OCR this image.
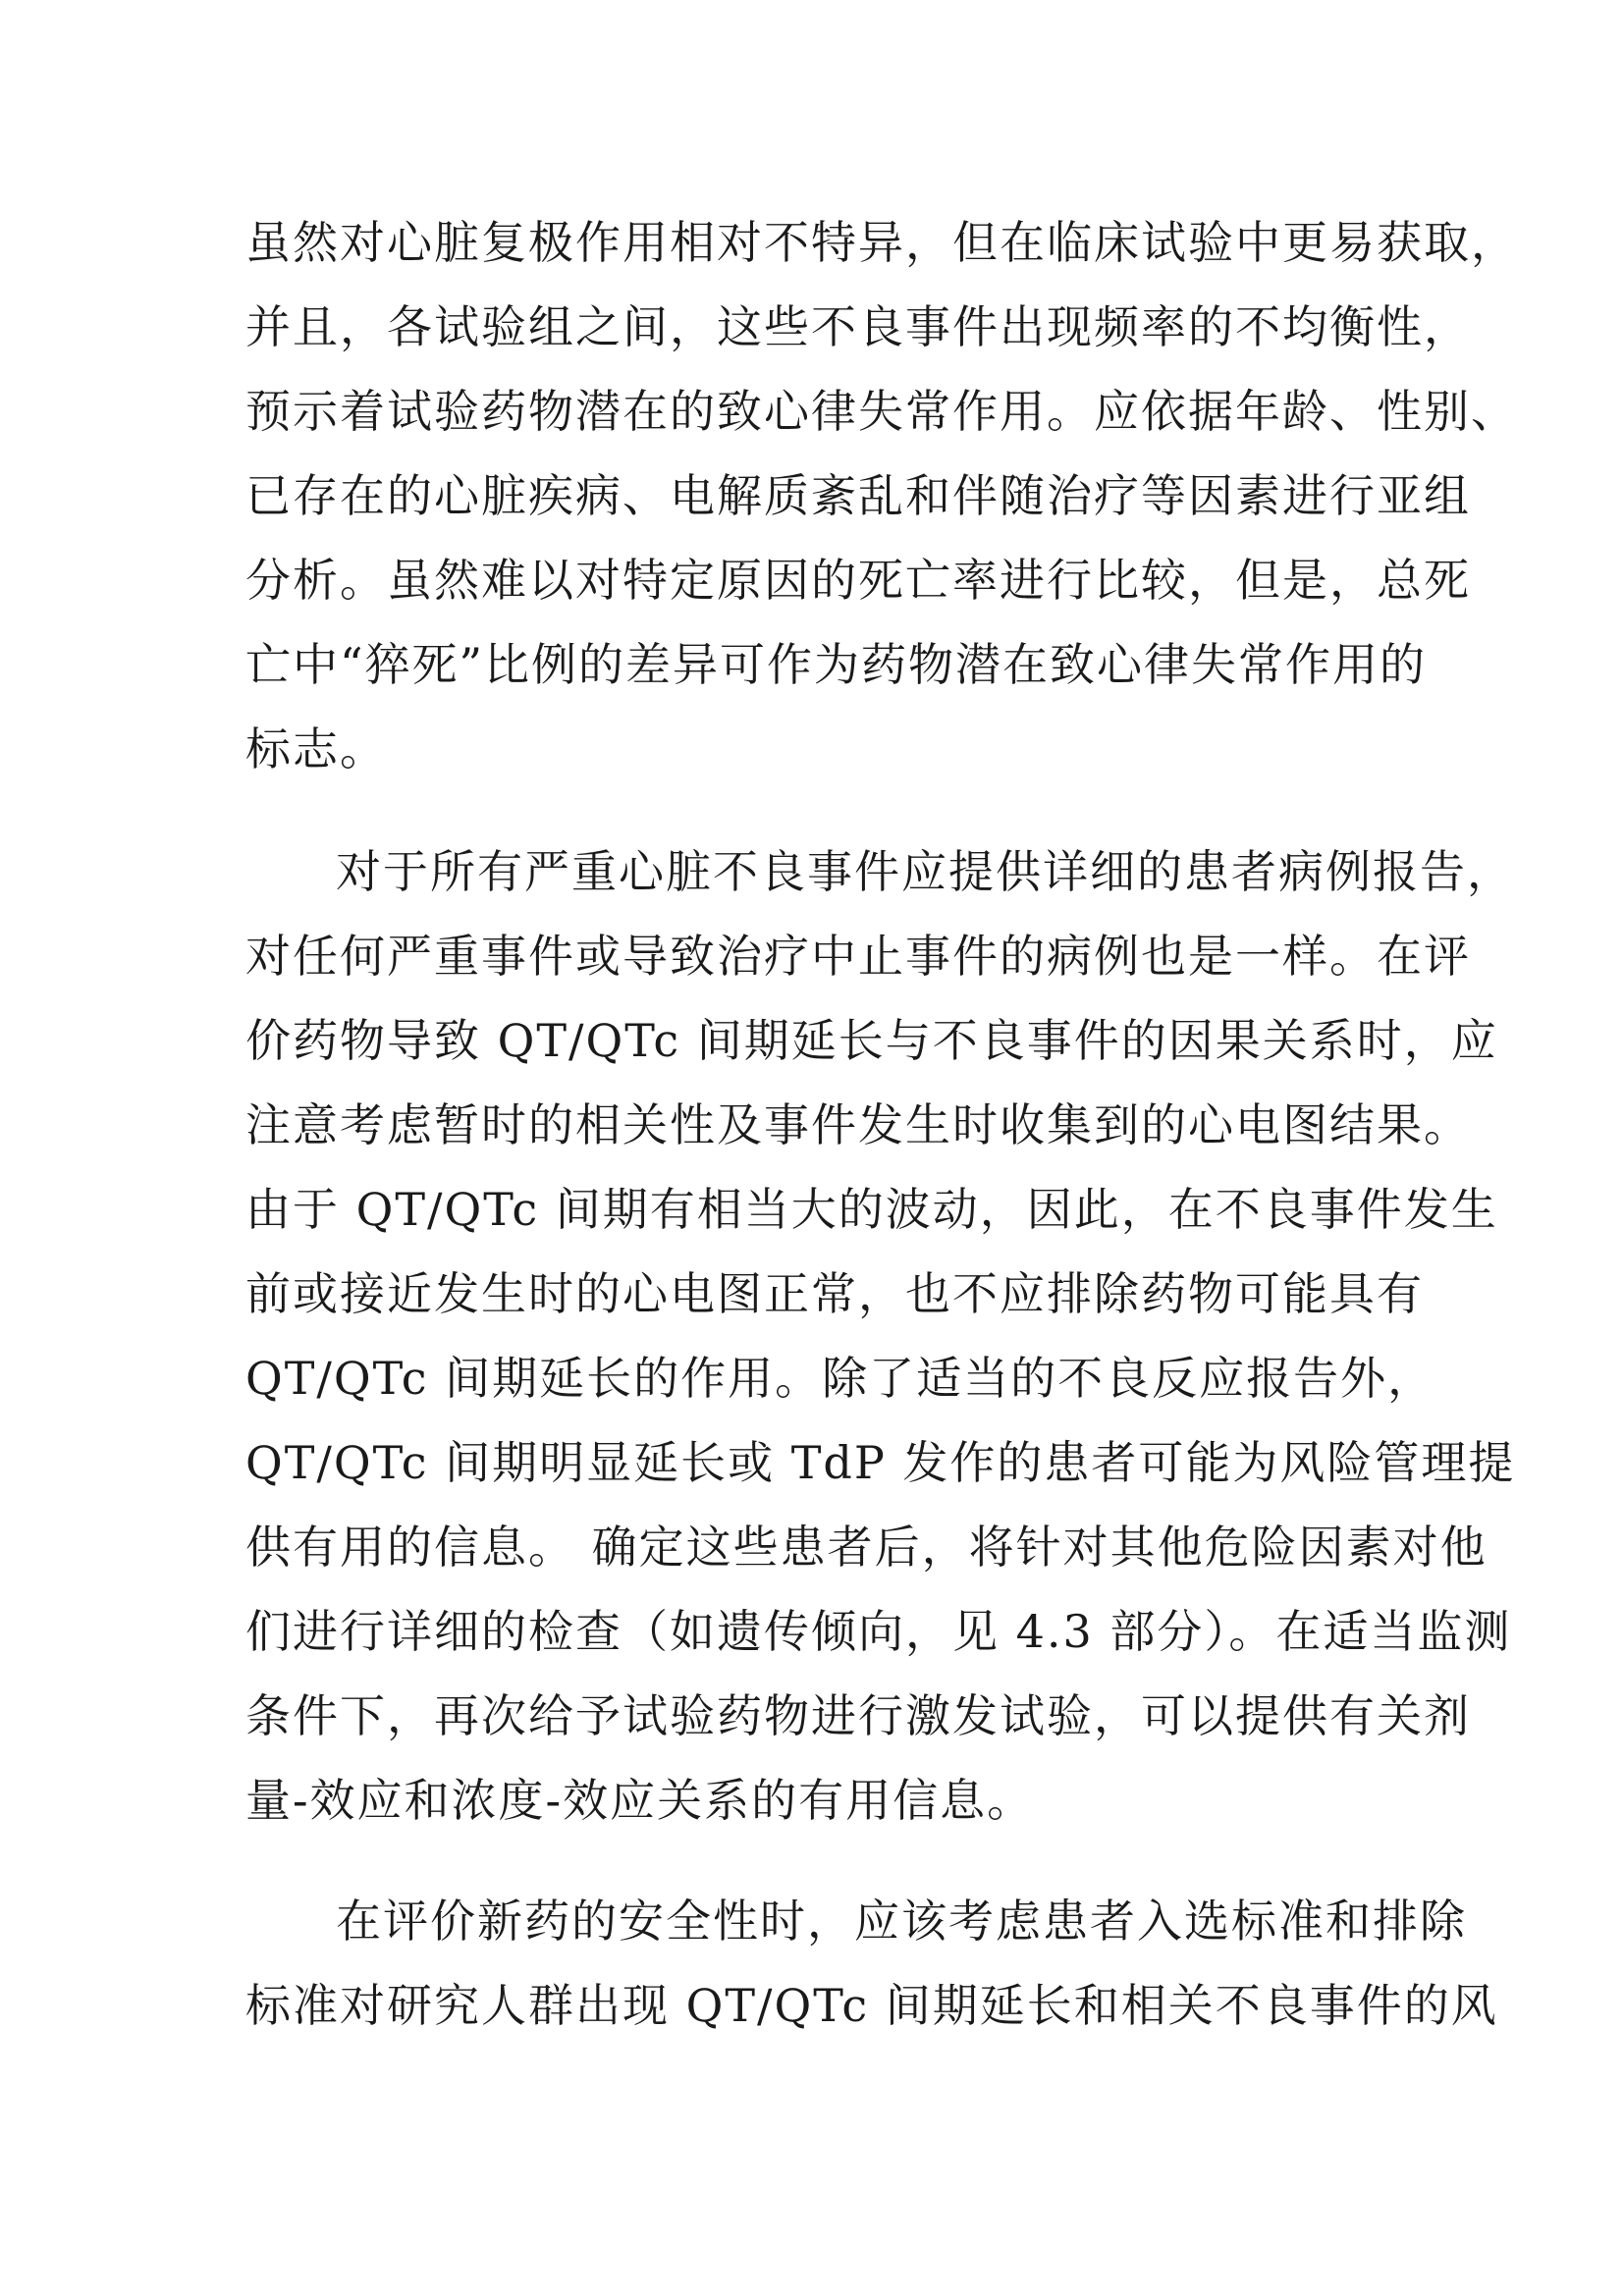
虽然对心脏复极作用相对不特异，但在临床试验中更易获取，
并且，各试验组之间，这些不良事件出现频率的不均衡性，
预示着试验药物潜在的致心律失常作用。应依据年龄、性别、
已存在的心脏疾病、电解质紊乱和伴随治疗等因素进行亚组
分析。虽然难以对特定原因的死亡率进行比较，但是，总死
亡中“猝死”比例的差异可作为药物潜在致心律失常作用的
标志。
对于所有严重心脏不良事件应提供详细的患者病例报告，
对任何严重事件或导致治疗中止事件的病例也是一样。在评
价药物导致 QT/QTc 间期延长与不良事件的因果关系时，应
注意考虑暂时的相关性及事件发生时收集到的心电图结果。
由于 QT/QTc 间期有相当大的波动，因此，在不良事件发生
前或接近发生时的心电图正常，也不应排除药物可能具有
QT/QTc 间期延长的作用。除了适当的不良反应报告外，
QT/QTc 间期明显延长或 TdP 发作的患者可能为风险管理提
供有用的信息。 确定这些患者后，将针对其他危险因素对他
们进行详细的检查（如遗传倾向，见 4.3 部分）。在适当监测
条件下，再次给予试验药物进行激发试验，可以提供有关剂
量-效应和浓度-效应关系的有用信息。
在评价新药的安全性时，应该考虑患者入选标准和排除
标准对研究人群出现 QT/QTc 间期延长和相关不良事件的风
